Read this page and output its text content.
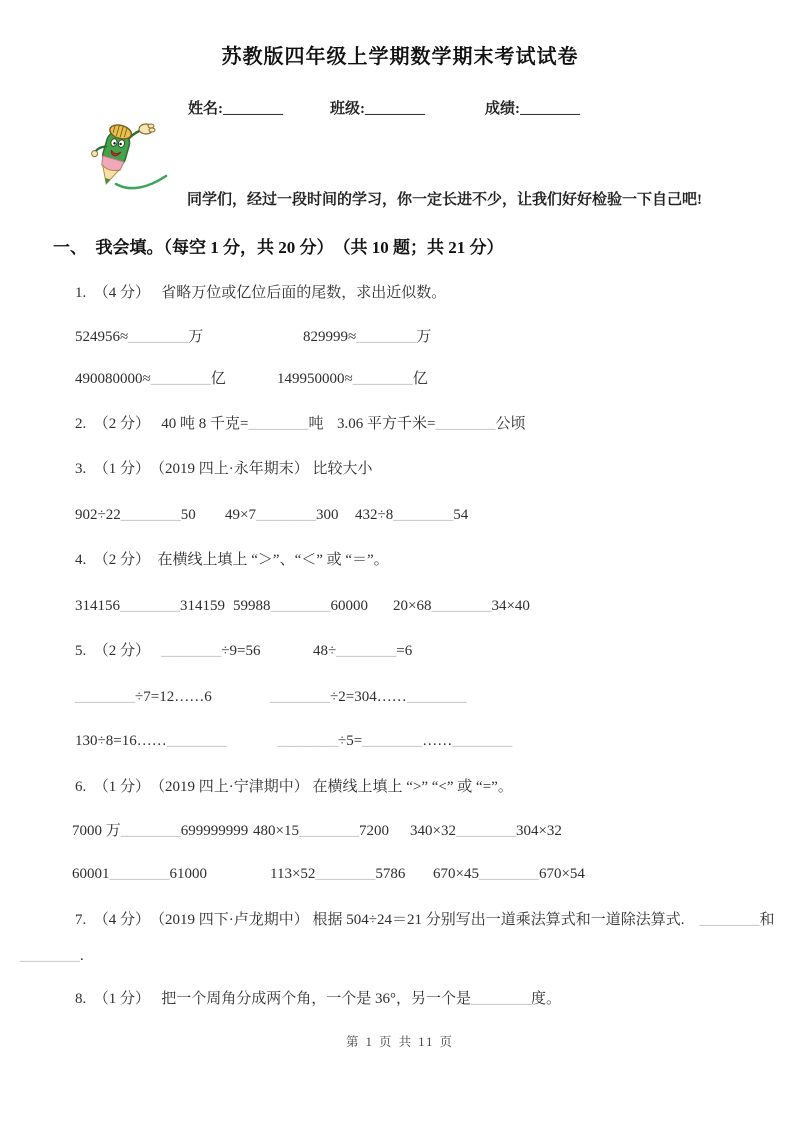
苏教版四年级上学期数学期末考试试卷
姓名:________	班级:________	成绩:________
同学们，经过一段时间的学习，你一定长进不少，让我们好好检验一下自己吧!
一、　我会填。（每空 1 分，共 20 分）　（共 10 题；共 21 分）
1.　（4 分）　 省略万位或亿位后面的尾数，求出近似数。
524956≈________万	829999≈________万
490080000≈________亿	149950000≈________亿
2.　（2 分）　 40 吨 8 千克=________吨 3.06 平方千米=________公顷
3.　（1 分）　（2019 四上·永年期末） 比较大小
902÷22________50 49×7________300 432÷8________54
4.　（2 分）　在横线上填上 “＞”、“＜” 或 “＝”。
314156________314159 59988________60000 20×68________34×40
5.　（2 分）　 ________÷9=56	48÷________=6
________÷7=12……6	________÷2=304……________
130÷8=16……________	________÷5=________……________
6.　（1 分）　（2019 四上·宁津期中） 在横线上填上 “>” “<” 或 “=”。
7000 万________699999999 480×15________7200 340×32________304×32
60001________61000	113×52________5786 670×45________670×54
7.　（4 分）　（2019 四下·卢龙期中） 根据 504÷24＝21 分别写出一道乘法算式和一道除法算式.　________和
________.
8.　（1 分）　 把一个周角分成两个角，一个是 36°，另一个是________度。
第 1 页 共 11 页
